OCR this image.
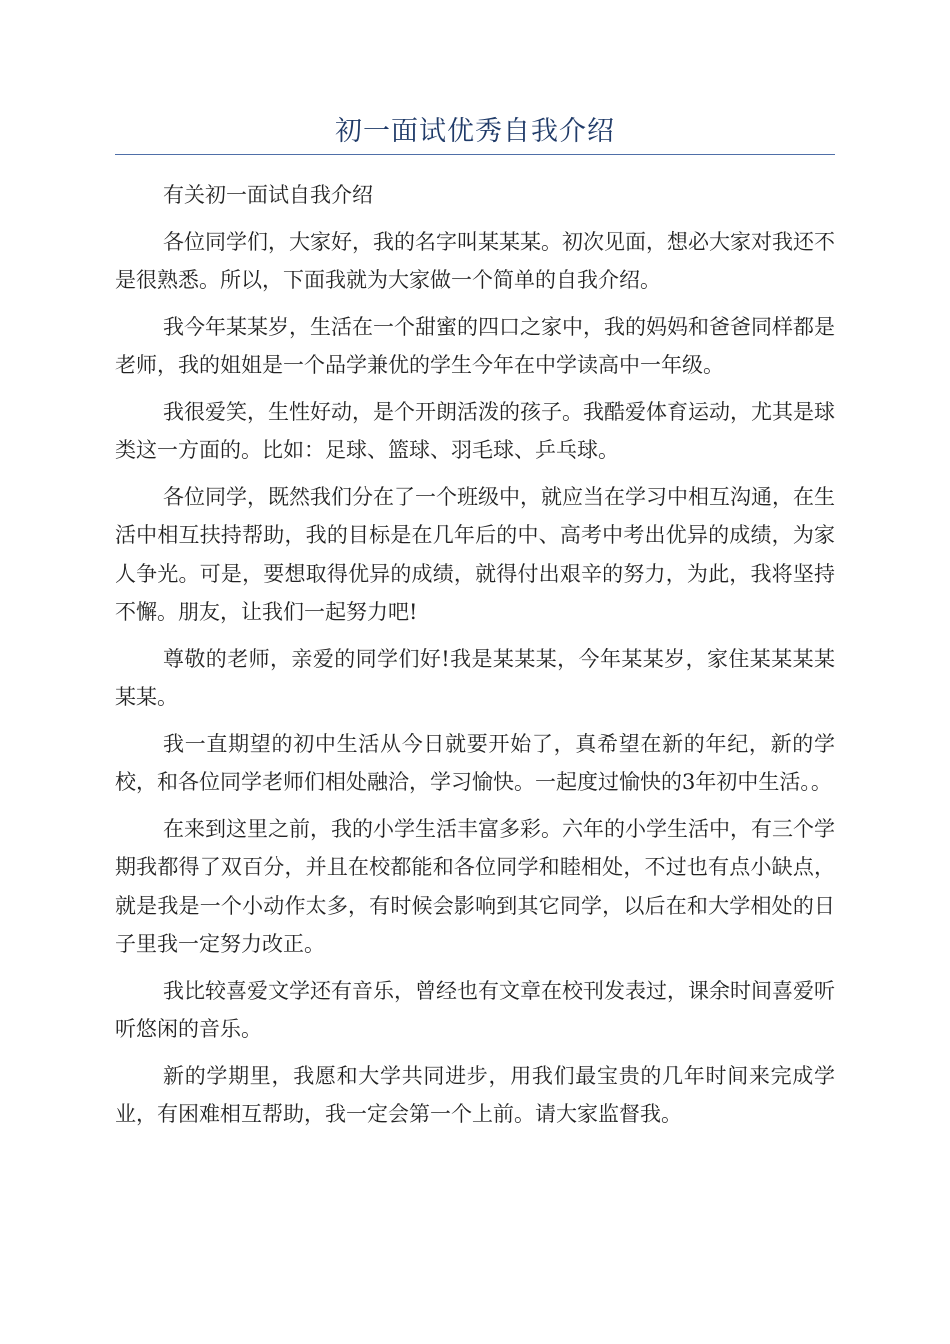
初一面试优秀自我介绍

有关初一面试自我介绍

各位同学们，大家好，我的名字叫某某某。初次见面，想必大家对我还不是很熟悉。所以，下面我就为大家做一个简单的自我介绍。

我今年某某岁，生活在一个甜蜜的四口之家中，我的妈妈和爸爸同样都是老师，我的姐姐是一个品学兼优的学生今年在中学读高中一年级。

我很爱笑，生性好动，是个开朗活泼的孩子。我酷爱体育运动，尤其是球类这一方面的。比如：足球、篮球、羽毛球、乒乓球。

各位同学，既然我们分在了一个班级中，就应当在学习中相互沟通，在生活中相互扶持帮助，我的目标是在几年后的中、高考中考出优异的成绩，为家人争光。可是，要想取得优异的成绩，就得付出艰辛的努力，为此，我将坚持不懈。朋友，让我们一起努力吧!

尊敬的老师，亲爱的同学们好!我是某某某，今年某某岁，家住某某某某某某。

我一直期望的初中生活从今日就要开始了，真希望在新的年纪，新的学校，和各位同学老师们相处融洽，学习愉快。一起度过愉快的3年初中生活。。

在来到这里之前，我的小学生活丰富多彩。六年的小学生活中，有三个学期我都得了双百分，并且在校都能和各位同学和睦相处，不过也有点小缺点，就是我是一个小动作太多，有时候会影响到其它同学，以后在和大学相处的日子里我一定努力改正。

我比较喜爱文学还有音乐，曾经也有文章在校刊发表过，课余时间喜爱听听悠闲的音乐。

新的学期里，我愿和大学共同进步，用我们最宝贵的几年时间来完成学业，有困难相互帮助，我一定会第一个上前。请大家监督我。
